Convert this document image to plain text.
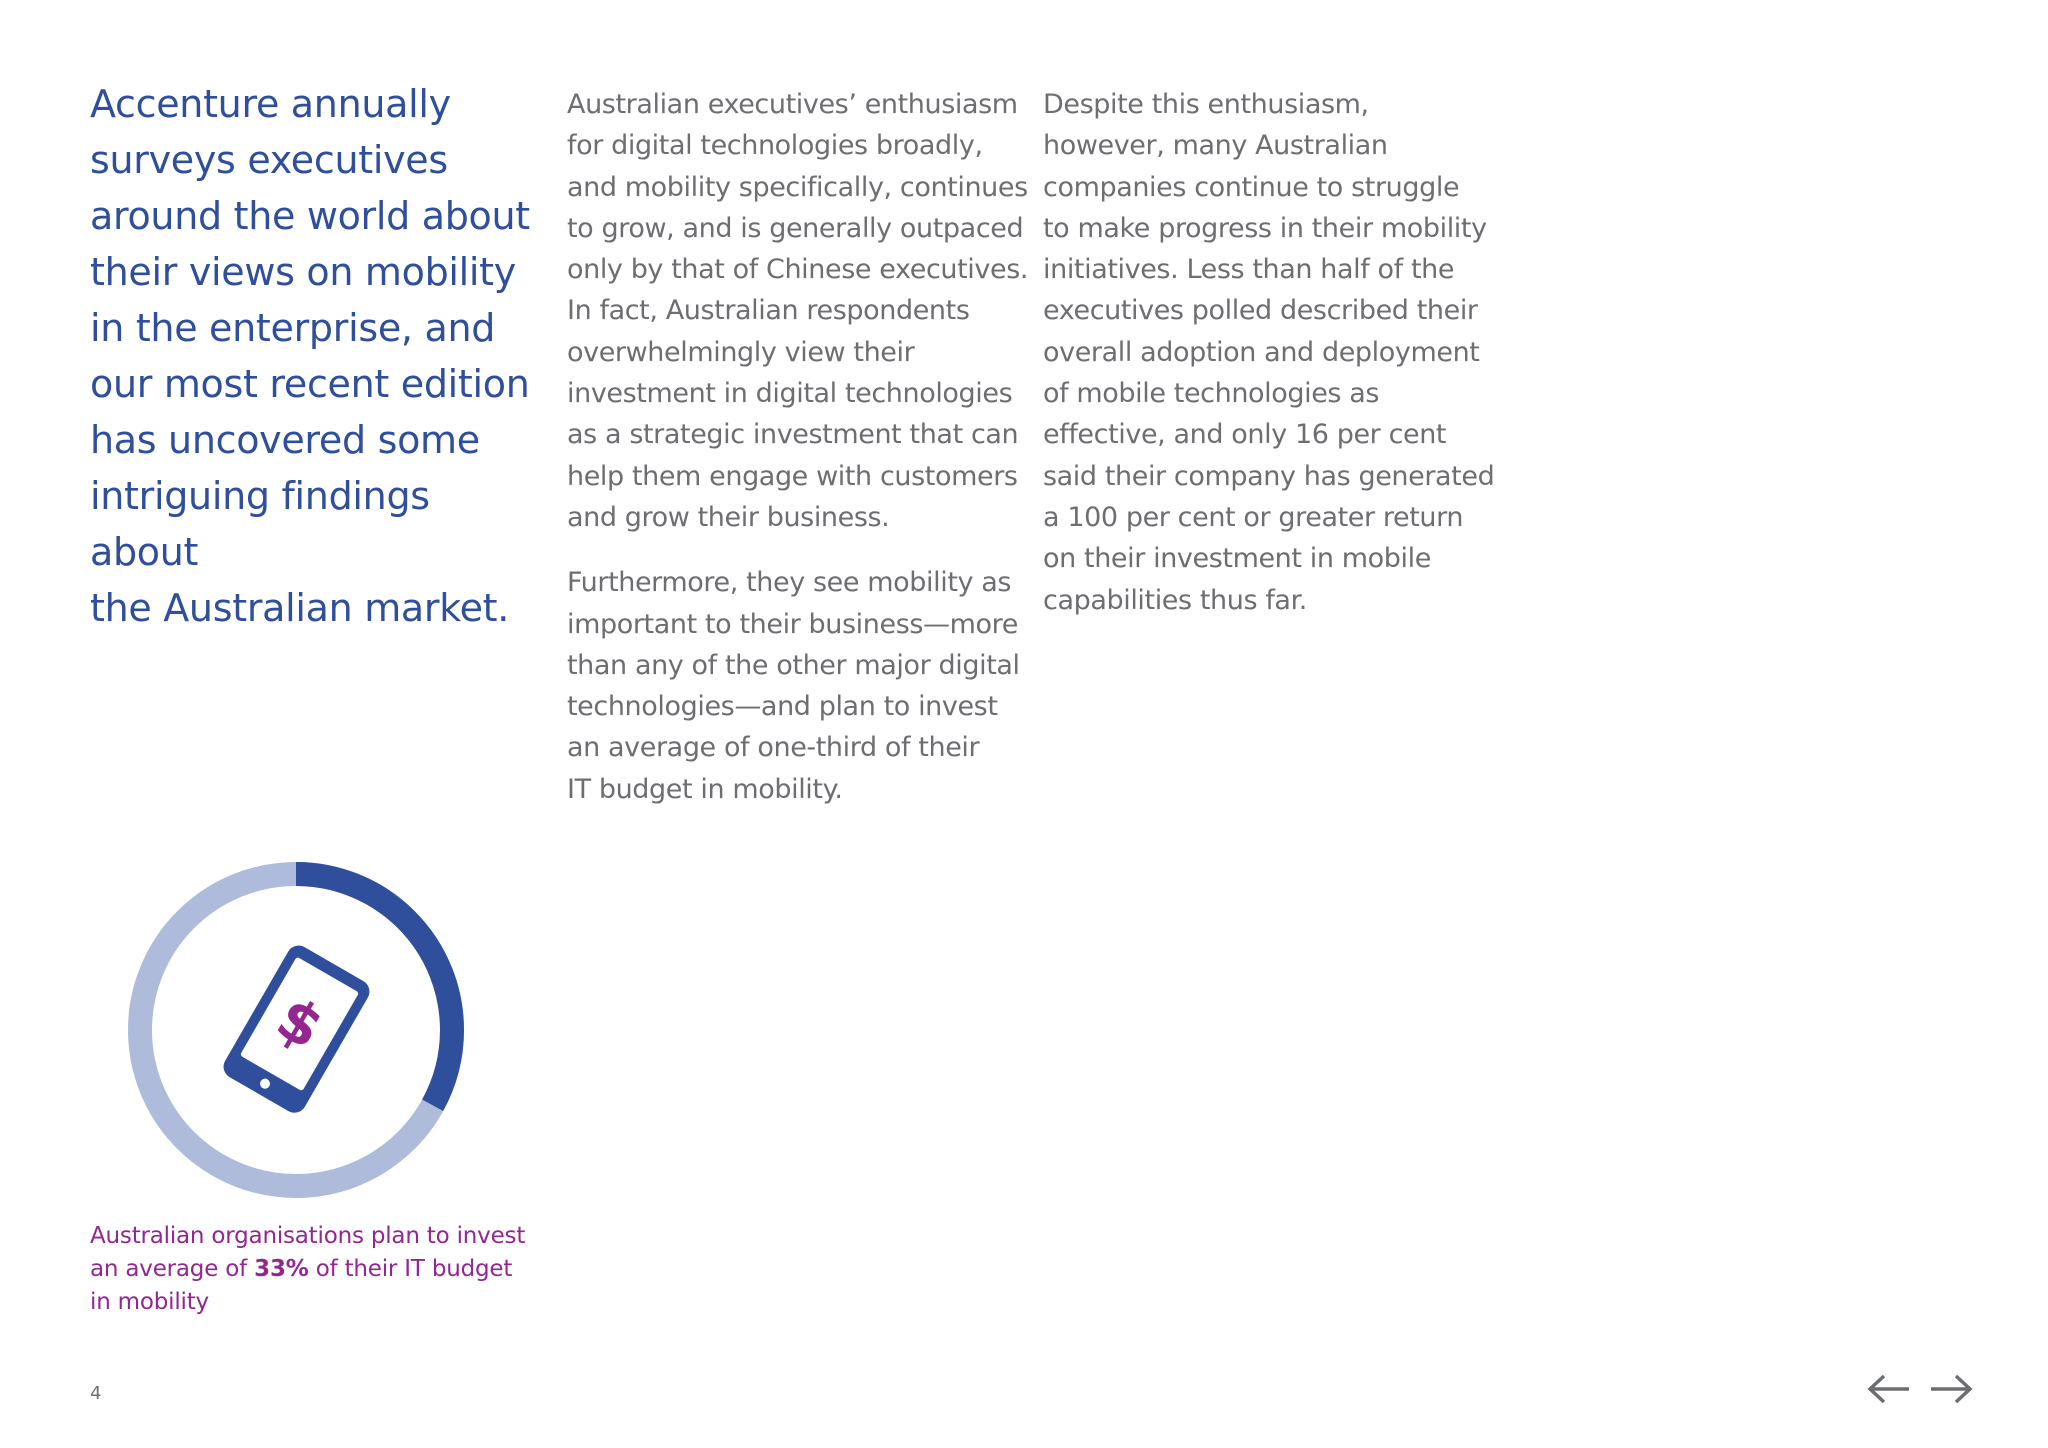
Accenture annually
surveys executives
around the world about
their views on mobility
in the enterprise, and
our most recent edition
has uncovered some
intriguing findings about
the Australian market.

Australian executives’ enthusiasm
for digital technologies broadly,
and mobility specifically, continues
to grow, and is generally outpaced
only by that of Chinese executives.
In fact, Australian respondents
overwhelmingly view their
investment in digital technologies
as a strategic investment that can
help them engage with customers
and grow their business.

Furthermore, they see mobility as
important to their business—more
than any of the other major digital
technologies—and plan to invest
an average of one-third of their
IT budget in mobility.

Despite this enthusiasm,
however, many Australian
companies continue to struggle
to make progress in their mobility
initiatives. Less than half of the
executives polled described their
overall adoption and deployment
of mobile technologies as
effective, and only 16 per cent
said their company has generated
a 100 per cent or greater return
on their investment in mobile
capabilities thus far.

$

Australian organisations plan to invest
an average of 33% of their IT budget
in mobility

4
